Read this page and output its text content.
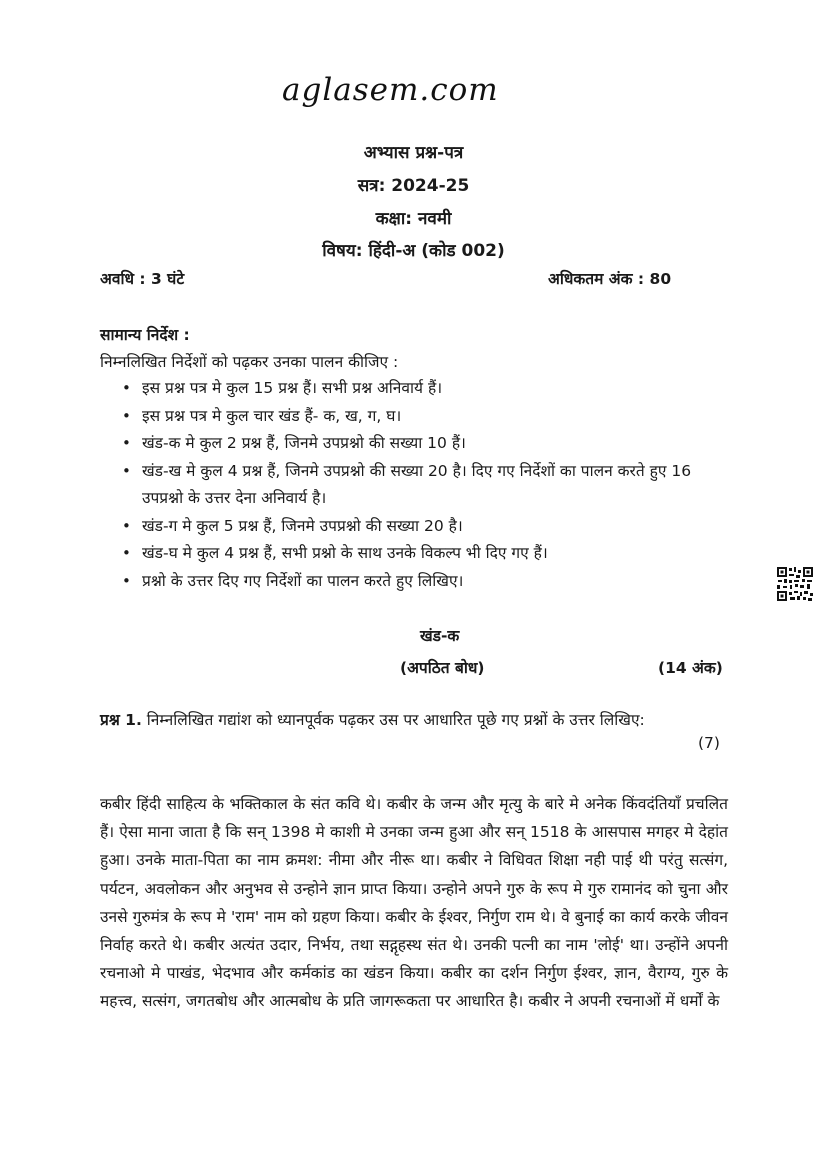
aglasem.com
अभ्यास प्रश्न-पत्र
सत्र: 2024-25
कक्षा: नवमी
विषय: हिंदी-अ (कोड 002)
अवधि : 3 घंटे	अधिकतम अंक : 80
सामान्य निर्देश :
निम्नलिखित निर्देशों को पढ़कर उनका पालन कीजिए :
• इस प्रश्न पत्र मे कुल 15 प्रश्न हैं। सभी प्रश्न अनिवार्य हैं।
• इस प्रश्न पत्र मे कुल चार खंड हैं- क, ख, ग, घ।
• खंड-क मे कुल 2 प्रश्न हैं, जिनमे उपप्रश्नो की सख्या 10 हैं।
• खंड-ख मे कुल 4 प्रश्न हैं, जिनमे उपप्रश्नो की सख्या 20 है। दिए गए निर्देशों का पालन करते हुए 16 उपप्रश्नो के उत्तर देना अनिवार्य है।
• खंड-ग मे कुल 5 प्रश्न हैं, जिनमे उपप्रश्नो की सख्या 20 है।
• खंड-घ मे कुल 4 प्रश्न हैं, सभी प्रश्नो के साथ उनके विकल्प भी दिए गए हैं।
• प्रश्नो के उत्तर दिए गए निर्देशों का पालन करते हुए लिखिए।
खंड-क
(अपठित बोध)	(14 अंक)
प्रश्न 1. निम्नलिखित गद्यांश को ध्यानपूर्वक पढ़कर उस पर आधारित पूछे गए प्रश्नों के उत्तर लिखिए:
(7)
कबीर हिंदी साहित्य के भक्तिकाल के संत कवि थे। कबीर के जन्म और मृत्यु के बारे मे अनेक किंवदंतियाँ प्रचलित हैं। ऐसा माना जाता है कि सन् 1398 मे काशी मे उनका जन्म हुआ और सन् 1518 के आसपास मगहर मे देहांत हुआ। उनके माता-पिता का नाम क्रमश: नीमा और नीरू था। कबीर ने विधिवत शिक्षा नही पाई थी परंतु सत्संग, पर्यटन, अवलोकन और अनुभव से उन्होने ज्ञान प्राप्त किया। उन्होने अपने गुरु के रूप मे गुरु रामानंद को चुना और उनसे गुरुमंत्र के रूप मे 'राम' नाम को ग्रहण किया। कबीर के ईश्वर, निर्गुण राम थे। वे बुनाई का कार्य करके जीवन निर्वाह करते थे। कबीर अत्यंत उदार, निर्भय, तथा सद्गृहस्थ संत थे। उनकी पत्नी का नाम 'लोई' था। उन्होंने अपनी रचनाओ मे पाखंड, भेदभाव और कर्मकांड का खंडन किया। कबीर का दर्शन निर्गुण ईश्वर, ज्ञान, वैराग्य, गुरु के महत्त्व, सत्संग, जगतबोध और आत्मबोध के प्रति जागरूकता पर आधारित है। कबीर ने अपनी रचनाओं में धर्मों के
